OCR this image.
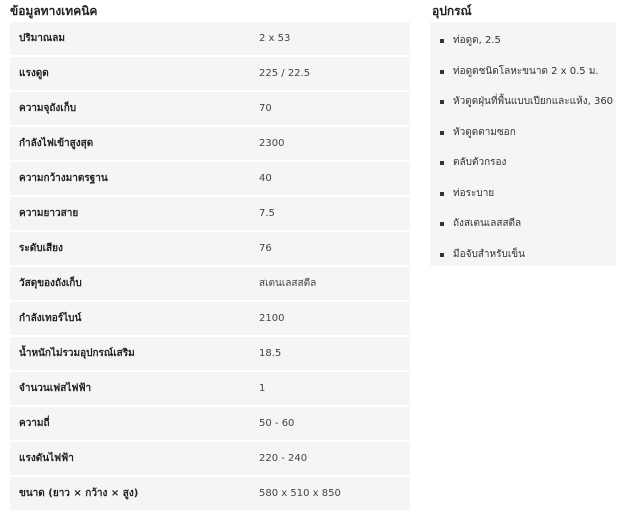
ข้อมูลทางเทคนิค
ปริมาณลม	2 x 53
แรงดูด	225 / 22.5
ความจุถังเก็บ	70
กำลังไฟเข้าสูงสุด	2300
ความกว้างมาตรฐาน	40
ความยาวสาย	7.5
ระดับเสียง	76
วัสดุของถังเก็บ	สเตนเลสสตีล
กำลังเทอร์ไบน์	2100
น้ำหนักไม่รวมอุปกรณ์เสริม	18.5
จำนวนเฟสไฟฟ้า	1
ความถี่	50 - 60
แรงดันไฟฟ้า	220 - 240
ขนาด (ยาว × กว้าง × สูง)	580 x 510 x 850
อุปกรณ์
ท่อดูด, 2.5
ท่อดูดชนิดโลหะขนาด 2 x 0.5 ม.
หัวดูดฝุ่นที่พื้นแบบเปียกและแห้ง, 360
หัวดูดตามซอก
ตลับตัวกรอง
ท่อระบาย
ถังสเตนเลสสตีล
มือจับสำหรับเข็น
